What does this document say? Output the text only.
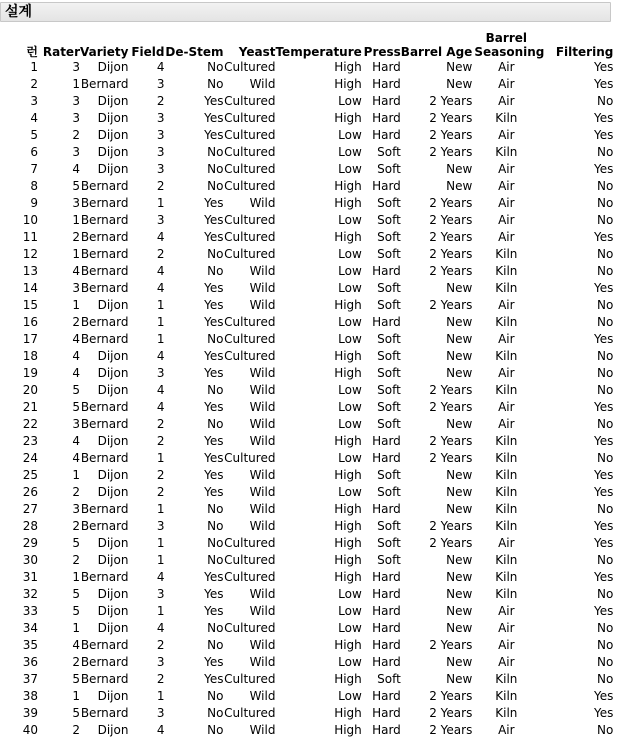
설계
런	Rater	Variety	Field	De-Stem	Yeast	Temperature	Press	Barrel Age	Barrel Seasoning	Filtering
1	3	Dijon	4	No	Cultured	High	Hard	New	Air	Yes
2	1	Bernard	3	No	Wild	High	Hard	New	Air	Yes
3	3	Dijon	2	Yes	Cultured	Low	Hard	2 Years	Air	No
4	3	Dijon	3	Yes	Cultured	High	Hard	2 Years	Kiln	Yes
5	2	Dijon	3	Yes	Cultured	Low	Hard	2 Years	Air	Yes
6	3	Dijon	3	No	Cultured	Low	Soft	2 Years	Kiln	No
7	4	Dijon	3	No	Cultured	Low	Soft	New	Air	Yes
8	5	Bernard	2	No	Cultured	High	Hard	New	Air	No
9	3	Bernard	1	Yes	Wild	High	Soft	2 Years	Air	No
10	1	Bernard	3	Yes	Cultured	Low	Soft	2 Years	Air	No
11	2	Bernard	4	Yes	Cultured	High	Soft	2 Years	Air	Yes
12	1	Bernard	2	No	Cultured	Low	Soft	2 Years	Kiln	No
13	4	Bernard	4	No	Wild	Low	Hard	2 Years	Kiln	No
14	3	Bernard	4	Yes	Wild	Low	Soft	New	Kiln	Yes
15	1	Dijon	1	Yes	Wild	High	Soft	2 Years	Air	No
16	2	Bernard	1	Yes	Cultured	Low	Hard	New	Kiln	No
17	4	Bernard	1	No	Cultured	Low	Soft	New	Air	Yes
18	4	Dijon	4	Yes	Cultured	High	Soft	New	Kiln	No
19	4	Dijon	3	Yes	Wild	High	Soft	New	Air	No
20	5	Dijon	4	No	Wild	Low	Soft	2 Years	Kiln	No
21	5	Bernard	4	Yes	Wild	Low	Soft	2 Years	Air	Yes
22	3	Bernard	2	No	Wild	Low	Soft	New	Air	No
23	4	Dijon	2	Yes	Wild	High	Hard	2 Years	Kiln	Yes
24	4	Bernard	1	Yes	Cultured	Low	Hard	2 Years	Kiln	No
25	1	Dijon	2	Yes	Wild	High	Soft	New	Kiln	Yes
26	2	Dijon	2	Yes	Wild	Low	Soft	New	Kiln	Yes
27	3	Bernard	1	No	Wild	High	Hard	New	Kiln	No
28	2	Bernard	3	No	Wild	High	Soft	2 Years	Kiln	Yes
29	5	Dijon	1	No	Cultured	High	Soft	2 Years	Air	Yes
30	2	Dijon	1	No	Cultured	High	Soft	New	Kiln	No
31	1	Bernard	4	Yes	Cultured	High	Hard	New	Kiln	Yes
32	5	Dijon	3	Yes	Wild	Low	Hard	New	Kiln	No
33	5	Dijon	1	Yes	Wild	Low	Hard	New	Air	Yes
34	1	Dijon	4	No	Cultured	Low	Hard	New	Air	No
35	4	Bernard	2	No	Wild	High	Hard	2 Years	Air	No
36	2	Bernard	3	Yes	Wild	Low	Hard	New	Air	No
37	5	Bernard	2	Yes	Cultured	High	Soft	New	Kiln	No
38	1	Dijon	1	No	Wild	Low	Hard	2 Years	Kiln	Yes
39	5	Bernard	3	No	Cultured	High	Hard	2 Years	Kiln	Yes
40	2	Dijon	4	No	Wild	High	Hard	2 Years	Air	No
